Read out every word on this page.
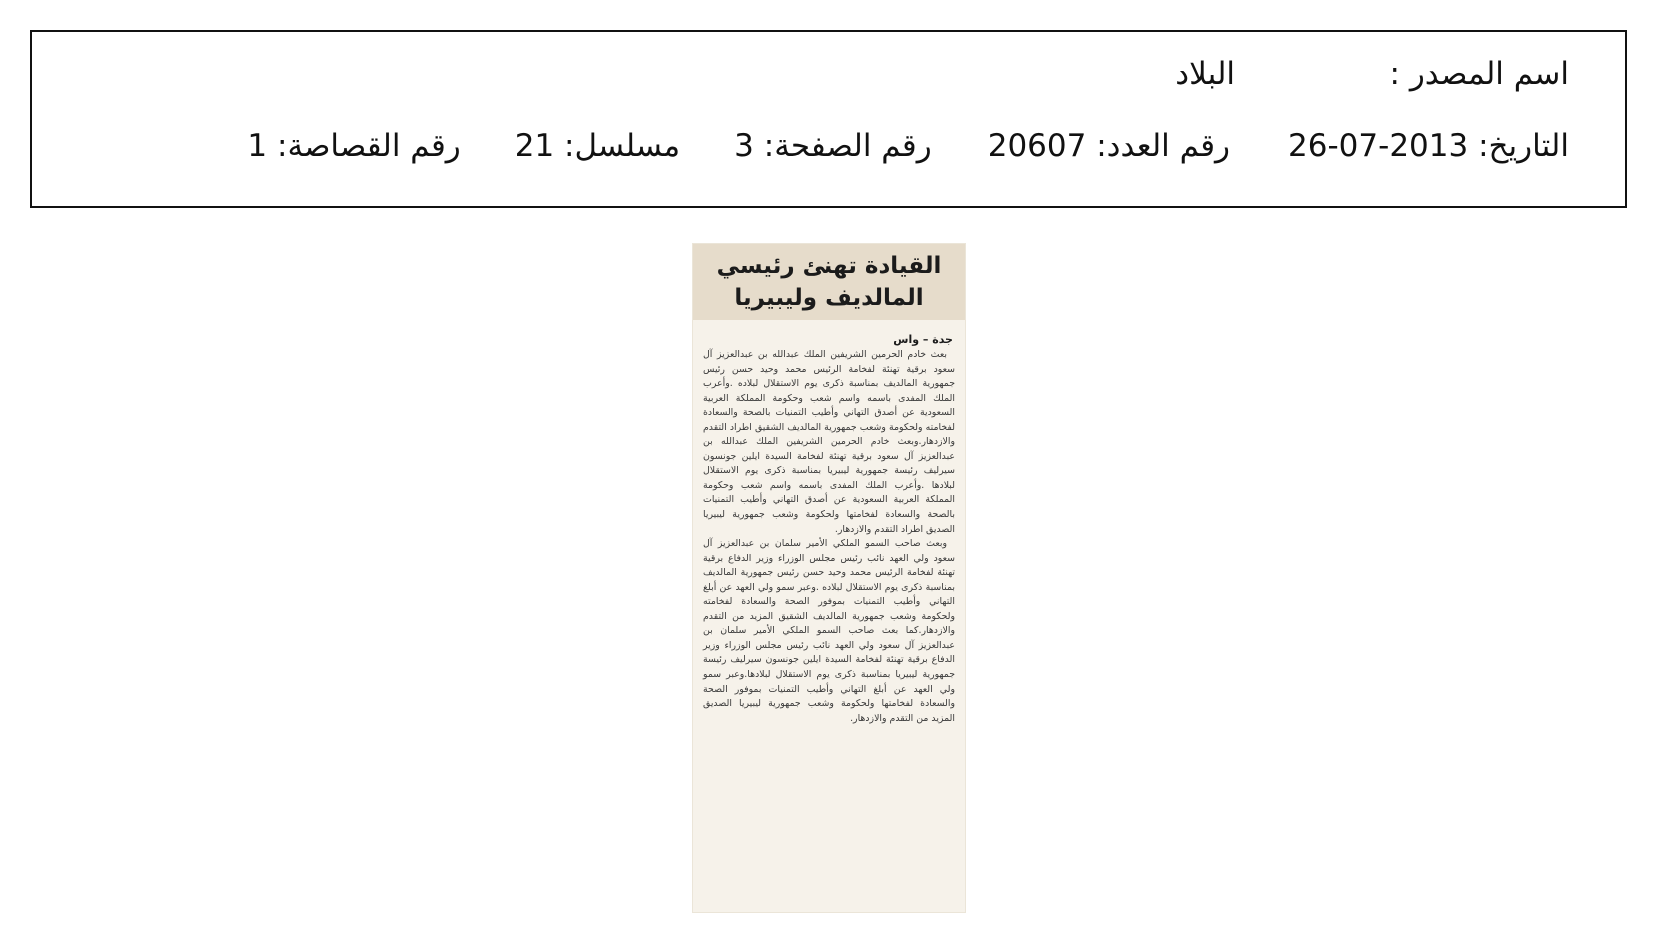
اسم المصدر :
البلاد
التاريخ: 2013-07-26
رقم العدد: 20607
رقم الصفحة: 3
مسلسل: 21
رقم القصاصة: 1
القيادة تهنئ رئيسي
المالديف وليبيريا
جدة – واس

بعث خادم الحرمين الشريفين الملك عبدالله بن عبدالعزيز آل سعود برقية تهنئة لفخامة الرئيس محمد وحيد حسن رئيس جمهورية المالديف بمناسبة ذكرى يوم الاستقلال لبلاده .وأعرب الملك المفدى باسمه واسم شعب وحكومة المملكة العربية السعودية عن أصدق التهاني وأطيب التمنيات بالصحة والسعادة لفخامته ولحكومة وشعب جمهورية المالديف الشقيق اطراد التقدم والازدهار.وبعث خادم الحرمين الشريفين الملك عبدالله بن عبدالعزيز آل سعود برقية تهنئة لفخامة السيدة ايلين جونسون سيرليف رئيسة جمهورية ليبيريا بمناسبة ذكرى يوم الاستقلال لبلادها .وأعرب الملك المفدى باسمه واسم شعب وحكومة المملكة العربية السعودية عن أصدق التهاني وأطيب التمنيات بالصحة والسعادة لفخامتها ولحكومة وشعب جمهورية ليبيريا الصديق اطراد التقدم والازدهار.

وبعث صاحب السمو الملكي الأمير سلمان بن عبدالعزيز آل سعود ولي العهد نائب رئيس مجلس الوزراء وزير الدفاع برقية تهنئة لفخامة الرئيس محمد وحيد حسن رئيس جمهورية المالديف بمناسبة ذكرى يوم الاستقلال لبلاده .وعبر سمو ولي العهد عن أبلغ التهاني وأطيب التمنيات بموفور الصحة والسعادة لفخامته ولحكومة وشعب جمهورية المالديف الشقيق المزيد من التقدم والازدهار.كما بعث صاحب السمو الملكي الأمير سلمان بن عبدالعزيز آل سعود ولي العهد نائب رئيس مجلس الوزراء وزير الدفاع برقية تهنئة لفخامة السيدة ايلين جونسون سيرليف رئيسة جمهورية ليبيريا بمناسبة ذكرى يوم الاستقلال لبلادها.وعبر سمو ولي العهد عن أبلغ التهاني وأطيب التمنيات بموفور الصحة والسعادة لفخامتها ولحكومة وشعب جمهورية ليبيريا الصديق المزيد من التقدم والازدهار.
